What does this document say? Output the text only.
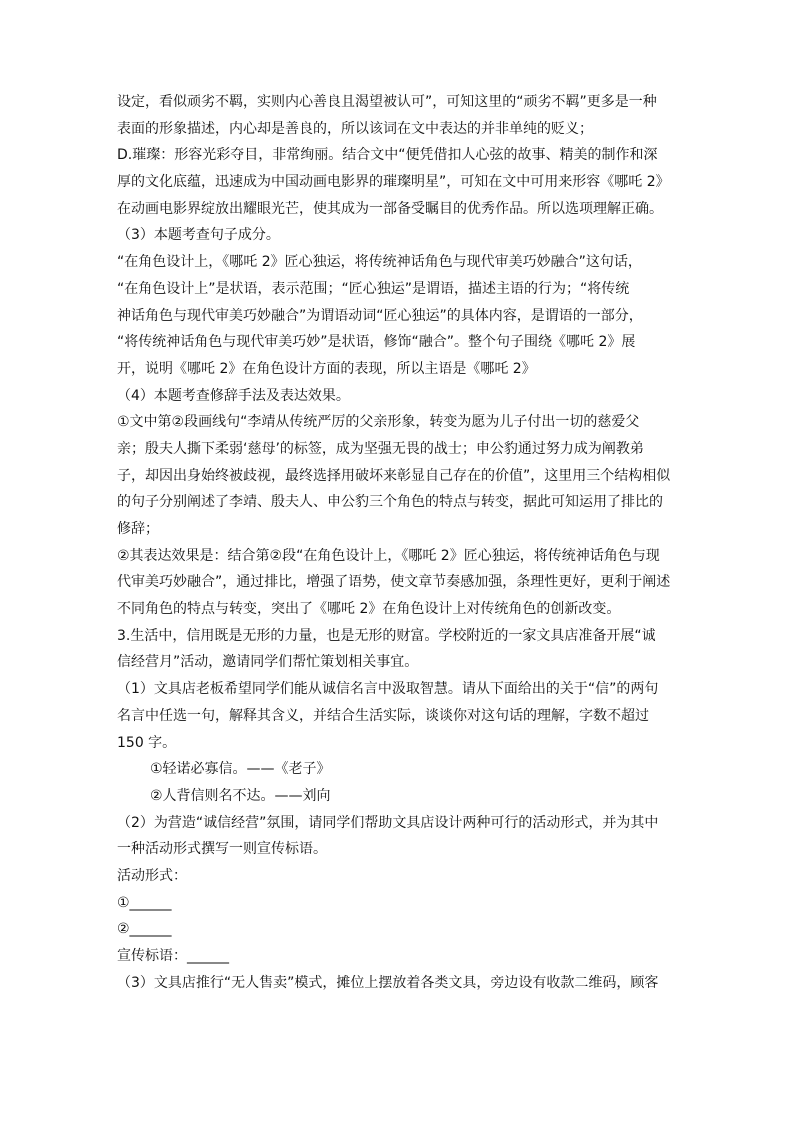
设定，看似顽劣不羁，实则内心善良且渴望被认可”，可知这里的“顽劣不羁”更多是一种
表面的形象描述，内心却是善良的，所以该词在文中表达的并非单纯的贬义；
D.璀璨：形容光彩夺目，非常绚丽。结合文中“便凭借扣人心弦的故事、精美的制作和深
厚的文化底蕴，迅速成为中国动画电影界的璀璨明星”，可知在文中可用来形容《哪吒 2》
在动画电影界绽放出耀眼光芒，使其成为一部备受瞩目的优秀作品。所以选项理解正确。
（3）本题考查句子成分。
“在角色设计上，《哪吒 2》匠心独运，将传统神话角色与现代审美巧妙融合”这句话，
“在角色设计上”是状语，表示范围；“匠心独运”是谓语，描述主语的行为；“将传统
神话角色与现代审美巧妙融合”为谓语动词“匠心独运”的具体内容，是谓语的一部分，
“将传统神话角色与现代审美巧妙”是状语，修饰“融合”。整个句子围绕《哪吒 2》展
开，说明《哪吒 2》在角色设计方面的表现，所以主语是《哪吒 2》
（4）本题考查修辞手法及表达效果。
①文中第②段画线句“李靖从传统严厉的父亲形象，转变为愿为儿子付出一切的慈爱父
亲；殷夫人撕下柔弱‘慈母’的标签，成为坚强无畏的战士；申公豹通过努力成为阐教弟
子，却因出身始终被歧视，最终选择用破坏来彰显自己存在的价值”，这里用三个结构相似
的句子分别阐述了李靖、殷夫人、申公豹三个角色的特点与转变，据此可知运用了排比的
修辞；
②其表达效果是：结合第②段“在角色设计上，《哪吒 2》匠心独运，将传统神话角色与现
代审美巧妙融合”，通过排比，增强了语势，使文章节奏感加强，条理性更好，更利于阐述
不同角色的特点与转变，突出了《哪吒 2》在角色设计上对传统角色的创新改变。
3.生活中，信用既是无形的力量，也是无形的财富。学校附近的一家文具店准备开展“诚
信经营月”活动，邀请同学们帮忙策划相关事宜。
（1）文具店老板希望同学们能从诚信名言中汲取智慧。请从下面给出的关于“信”的两句
名言中任选一句，解释其含义，并结合生活实际，谈谈你对这句话的理解，字数不超过
150 字。
①轻诺必寡信。——《老子》
②人背信则名不达。——刘向
（2）为营造“诚信经营”氛围，请同学们帮助文具店设计两种可行的活动形式，并为其中
一种活动形式撰写一则宣传标语。
活动形式：
①______
②______
宣传标语：______
（3）文具店推行“无人售卖”模式，摊位上摆放着各类文具，旁边设有收款二维码，顾客
